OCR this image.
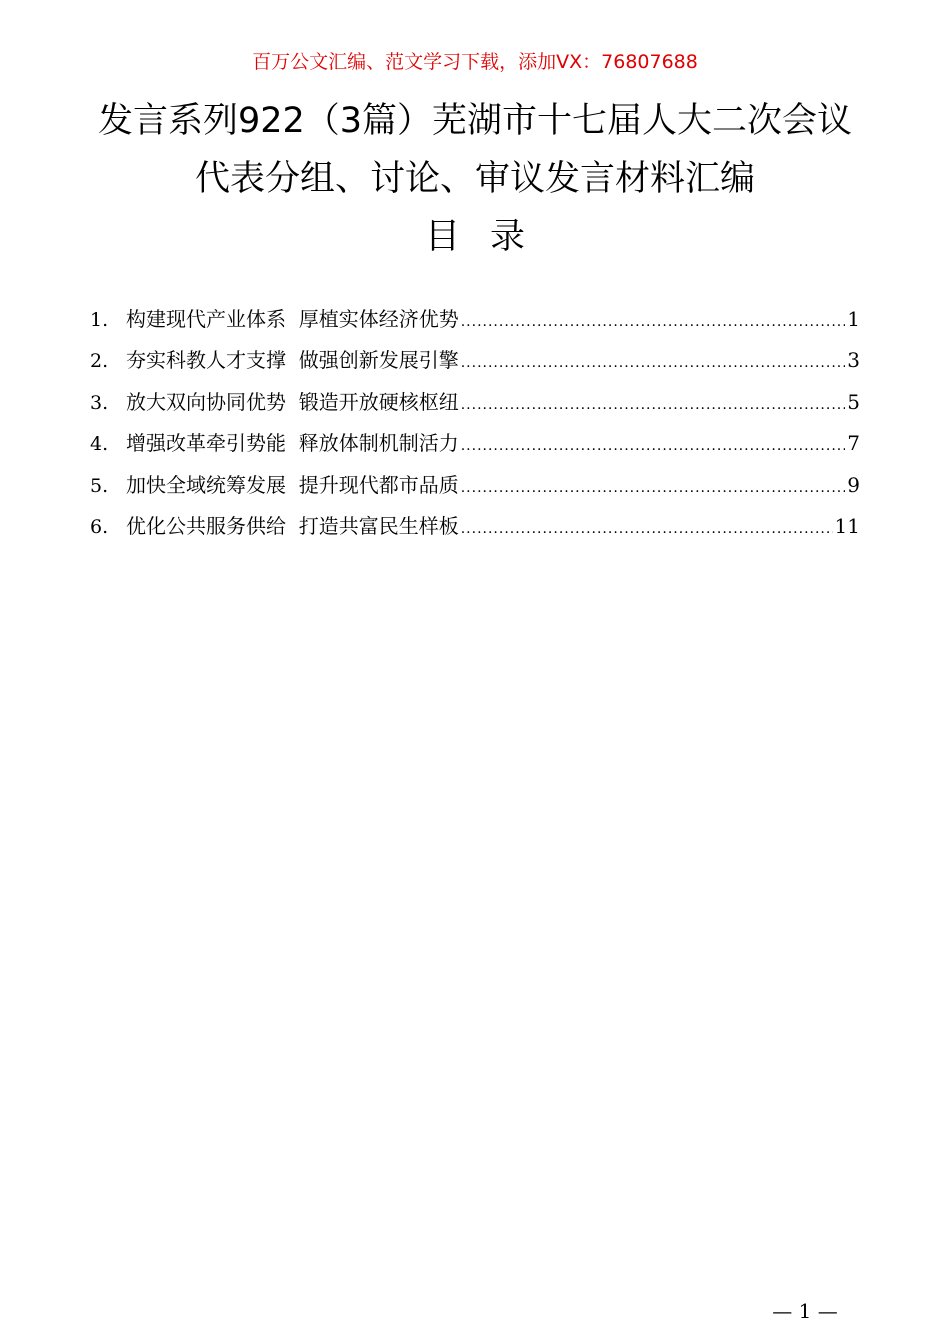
百万公文汇编、范文学习下载，添加VX：76807688
发言系列922（3篇）芜湖市十七届人大二次会议
代表分组、讨论、审议发言材料汇编
目录
1. 构建现代产业体系  厚植实体经济优势 .....	1
2. 夯实科教人才支撑  做强创新发展引擎 .....	3
3. 放大双向协同优势  锻造开放硬核枢纽 .....	5
4. 增强改革牵引势能  释放体制机制活力 .....	7
5. 加快全域统筹发展  提升现代都市品质 .....	9
6. 优化公共服务供给  打造共富民生样板 .....	11
— 1 —
